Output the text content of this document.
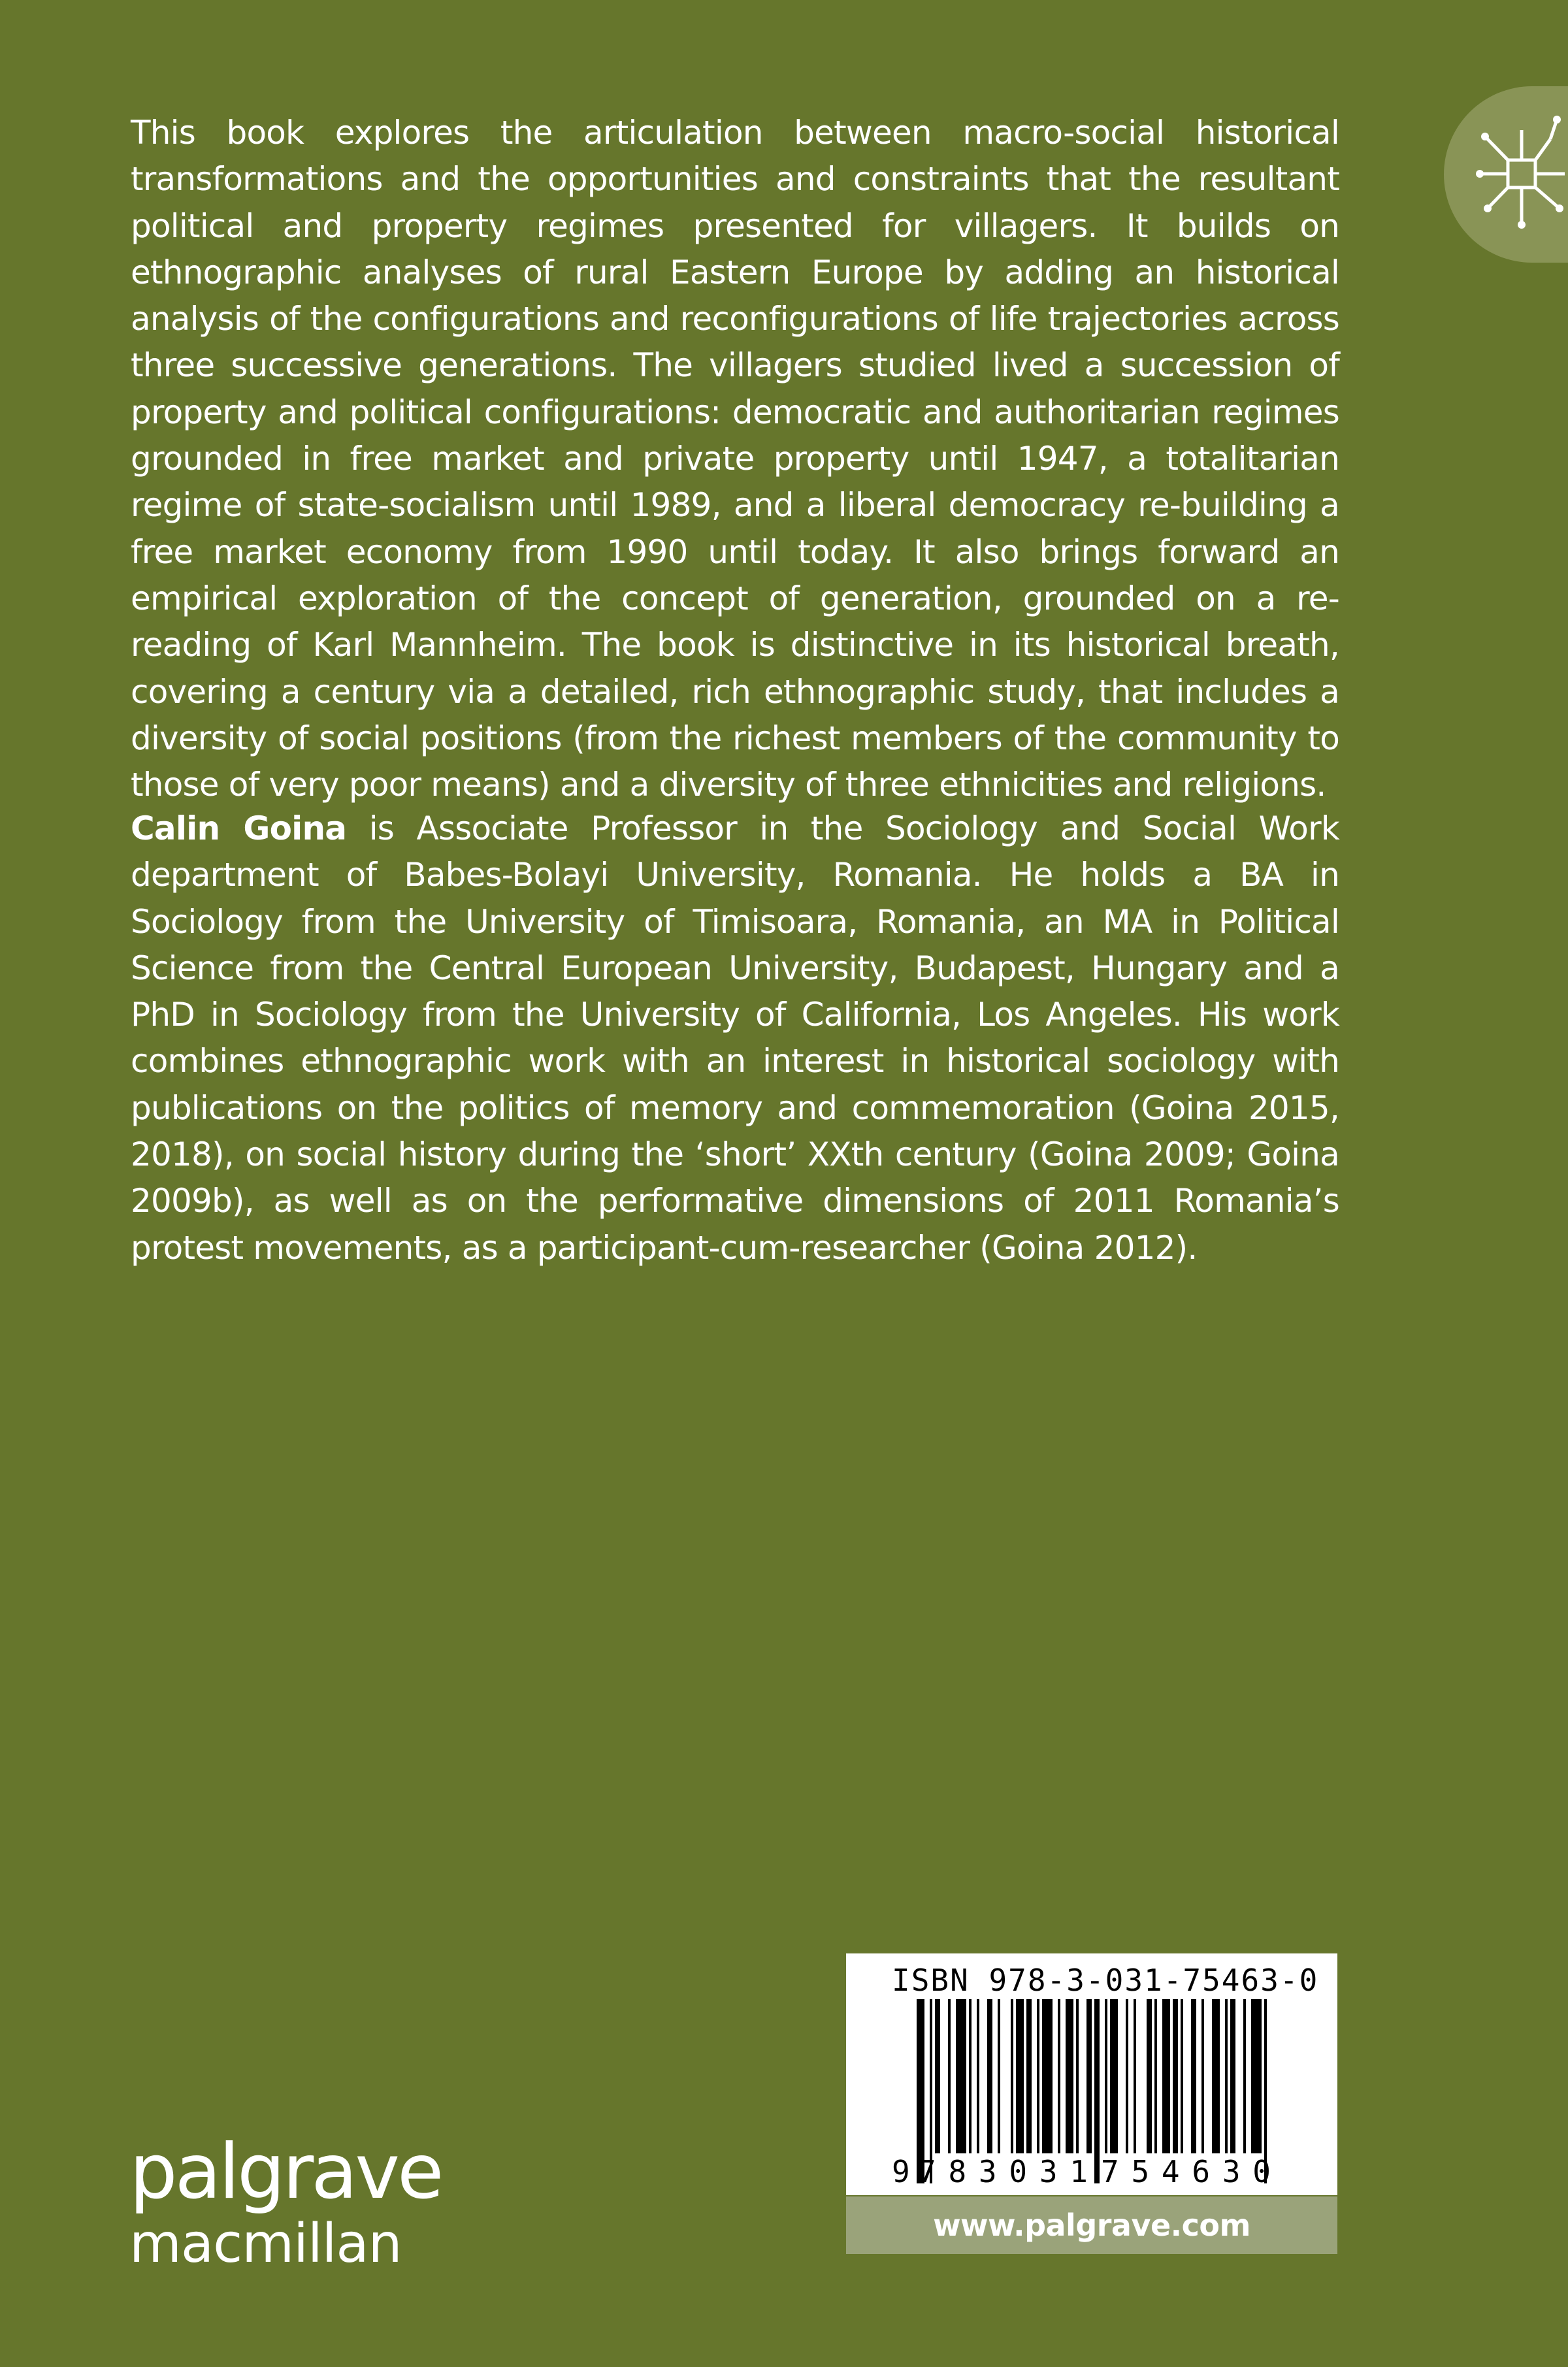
This book explores the articulation between macro-social historical transformations and the opportunities and constraints that the resultant political and property regimes presented for villagers. It builds on ethnographic analyses of rural Eastern Europe by adding an historical analysis of the configurations and reconfigurations of life trajectories across three successive generations. The villagers studied lived a succession of property and political configurations: democratic and authoritarian regimes grounded in free market and private property until 1947, a totalitarian regime of state-socialism until 1989, and a liberal democracy re-building a free market economy from 1990 until today. It also brings forward an empirical exploration of the concept of generation, grounded on a re-reading of Karl Mannheim. The book is distinctive in its historical breath, covering a century via a detailed, rich ethnographic study, that includes a diversity of social positions (from the richest members of the community to those of very poor means) and a diversity of three ethnicities and religions.

Calin Goina is Associate Professor in the Sociology and Social Work department of Babes-Bolayi University, Romania. He holds a BA in Sociology from the University of Timisoara, Romania, an MA in Political Science from the Central European University, Budapest, Hungary and a PhD in Sociology from the University of California, Los Angeles. His work combines ethnographic work with an interest in historical sociology with publications on the politics of memory and commemoration (Goina 2015, 2018), on social history during the ‘short’ XXth century (Goina 2009; Goina 2009b), as well as on the performative dimensions of 2011 Romania’s protest movements, as a participant-cum-researcher (Goina 2012).

palgrave
macmillan
ISBN 978-3-031-75463-0
9 783031 754630
www.palgrave.com
